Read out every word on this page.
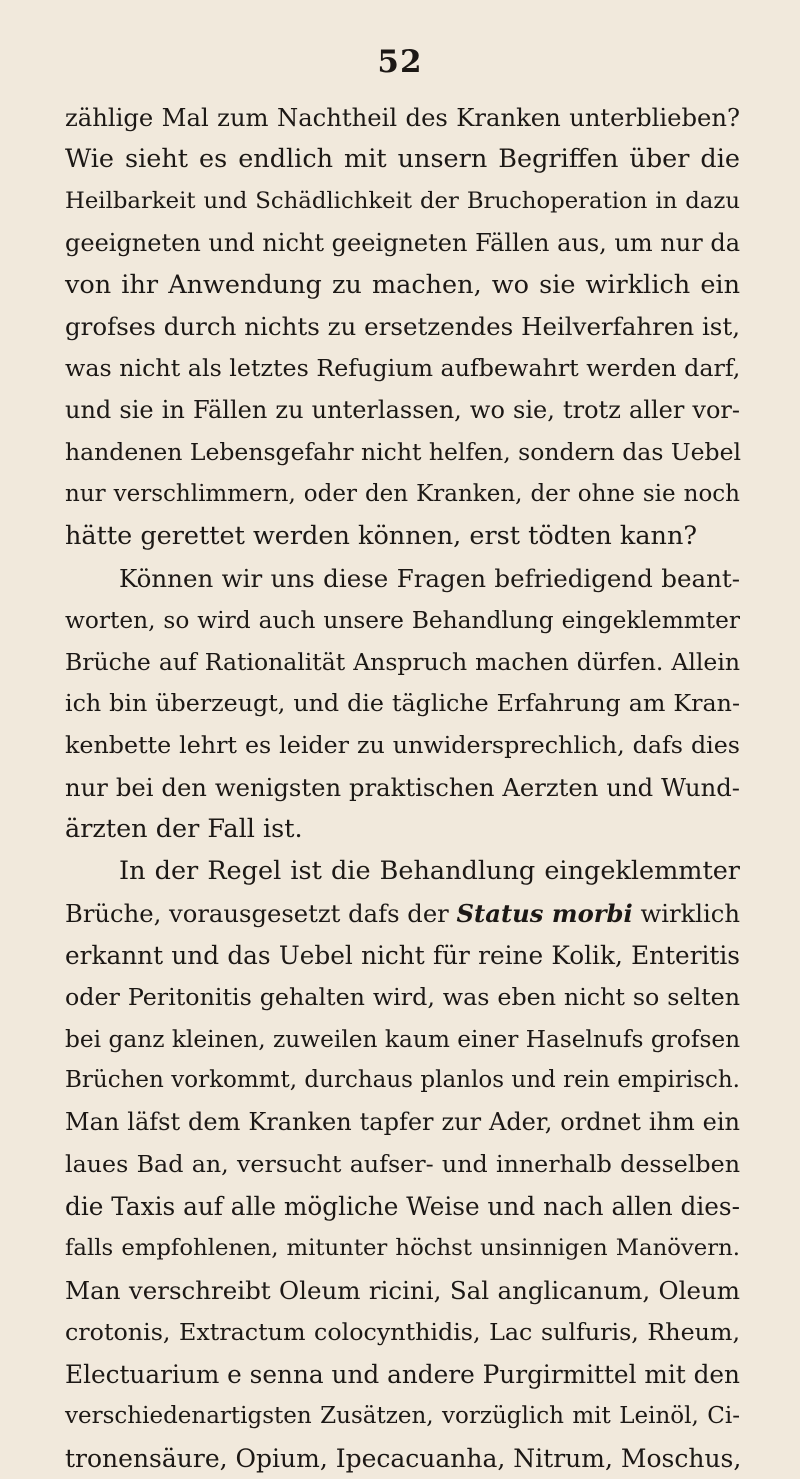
52
zählige Mal zum Nachtheil des Kranken unterblieben?
Wie sieht es endlich mit unsern Begriffen über die
Heilbarkeit und Schädlichkeit der Bruchoperation in dazu
geeigneten und nicht geeigneten Fällen aus, um nur da
von ihr Anwendung zu machen, wo sie wirklich ein
grofses durch nichts zu ersetzendes Heilverfahren ist,
was nicht als letztes Refugium aufbewahrt werden darf,
und sie in Fällen zu unterlassen, wo sie, trotz aller vor-
handenen Lebensgefahr nicht helfen, sondern das Uebel
nur verschlimmern, oder den Kranken, der ohne sie noch
hätte gerettet werden können, erst tödten kann?
Können wir uns diese Fragen befriedigend beant-
worten, so wird auch unsere Behandlung eingeklemmter
Brüche auf Rationalität Anspruch machen dürfen. Allein
ich bin überzeugt, und die tägliche Erfahrung am Kran-
kenbette lehrt es leider zu unwidersprechlich, dafs dies
nur bei den wenigsten praktischen Aerzten und Wund-
ärzten der Fall ist.
In der Regel ist die Behandlung eingeklemmter
Brüche, vorausgesetzt dafs der Status morbi wirklich
erkannt und das Uebel nicht für reine Kolik, Enteritis
oder Peritonitis gehalten wird, was eben nicht so selten
bei ganz kleinen, zuweilen kaum einer Haselnufs grofsen
Brüchen vorkommt, durchaus planlos und rein empirisch.
Man läfst dem Kranken tapfer zur Ader, ordnet ihm ein
laues Bad an, versucht aufser- und innerhalb desselben
die Taxis auf alle mögliche Weise und nach allen dies-
falls empfohlenen, mitunter höchst unsinnigen Manövern.
Man verschreibt Oleum ricini, Sal anglicanum, Oleum
crotonis, Extractum colocynthidis, Lac sulfuris, Rheum,
Electuarium e senna und andere Purgirmittel mit den
verschiedenartigsten Zusätzen, vorzüglich mit Leinöl, Ci-
tronensäure, Opium, Ipecacuanha, Nitrum, Moschus,
